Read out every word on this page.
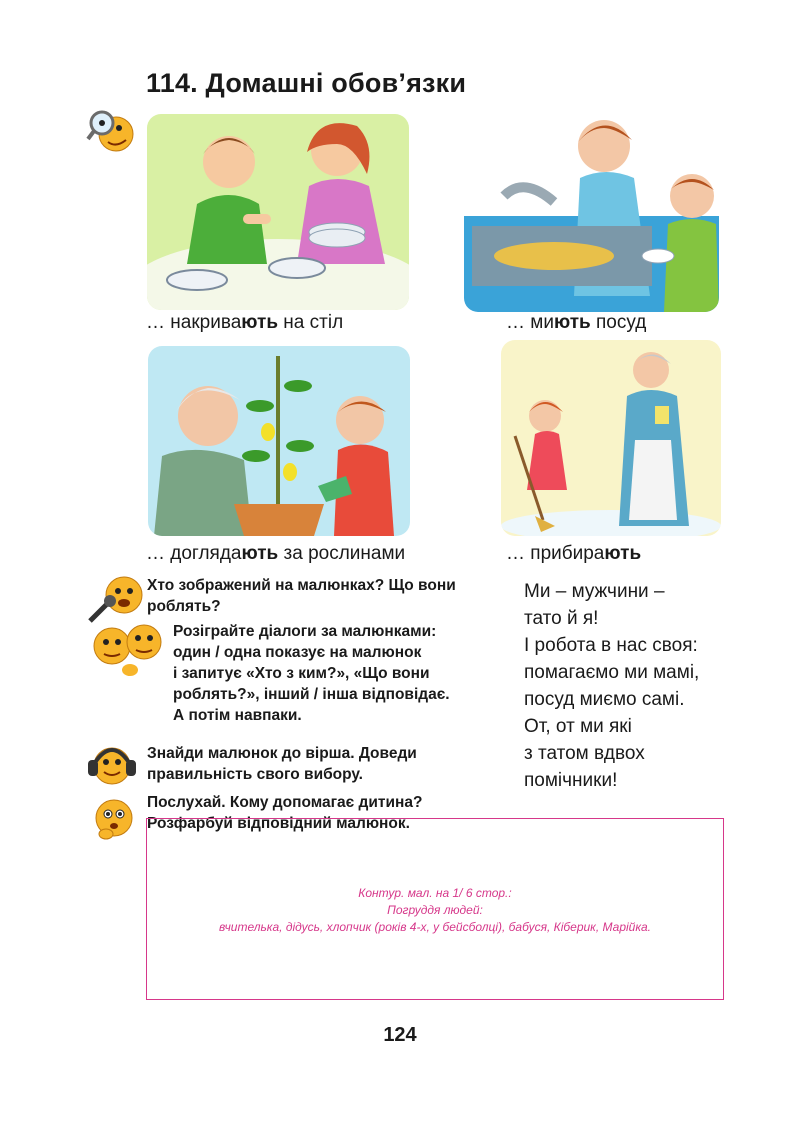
114. Домашні обов’язки
… накривають на стіл	… миють посуд
… доглядaють за рослинами	… прибирають
Хто зображений на малюнках? Що вони роблять?
Розіграйте діалоги за малюнками:
один / одна показує на малюнок
і запитує «Хто з ким?», «Що вони
роблять?», інший / інша відповідає.
А потім навпаки.
Знайди малюнок до вірша. Доведи
правильність свого вибору.
Послухай. Кому допомагає дитина?
Розфарбуй відповідний малюнок.
Ми – мужчини –
тато й я!
І робота в нас своя:
помагаємо ми мамі,
посуд миємо самі.
От, от ми які
з татом вдвох
помічники!
Контур. мал. на 1/ 6 стор.:
Погруддя людей:
вчителька, дідусь, хлопчик (років 4-х, у бейсболці), бабуся, Кіберик, Марійка.
124
